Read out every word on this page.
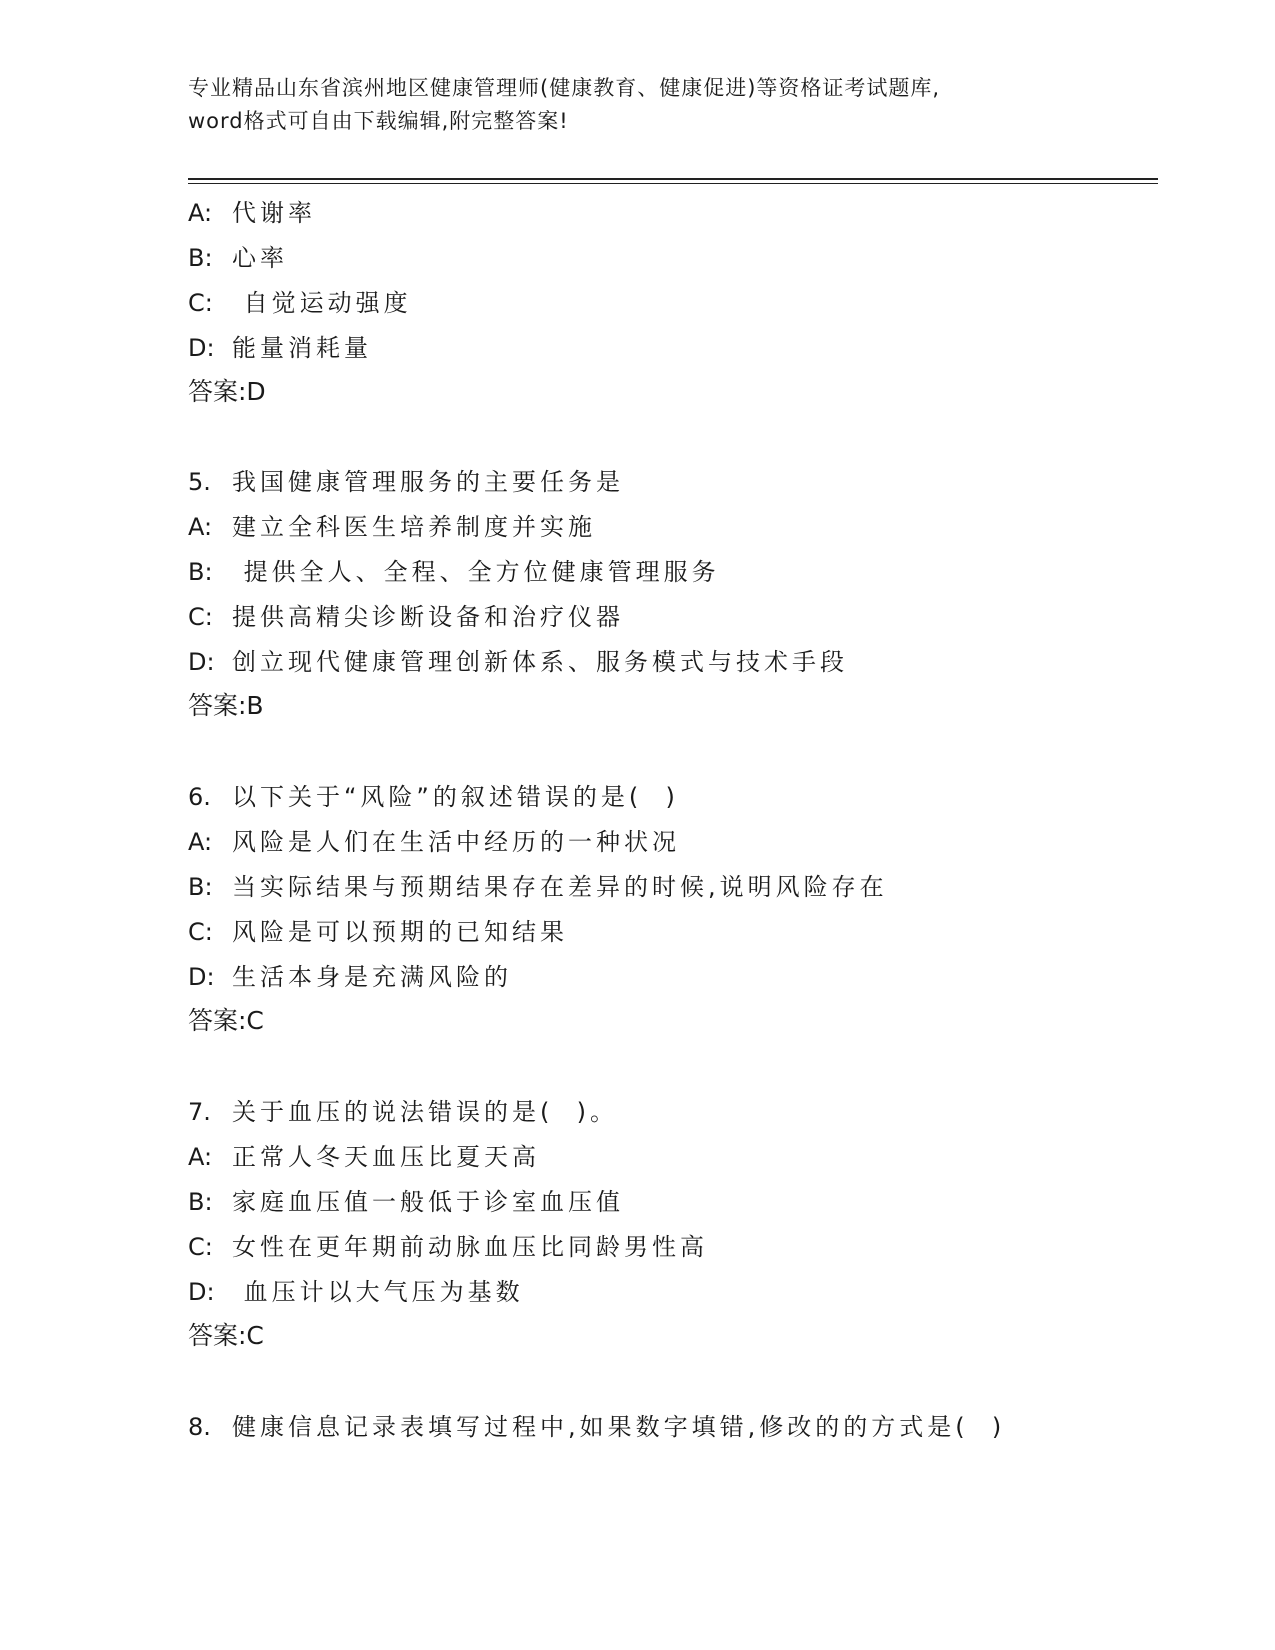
专业精品山东省滨州地区健康管理师(健康教育、健康促进)等资格证考试题库,
word格式可自由下载编辑,附完整答案!
A: 代谢率
B: 心率
C: 自觉运动强度
D: 能量消耗量
答案:D
5. 我国健康管理服务的主要任务是
A: 建立全科医生培养制度并实施
B: 提供全人、全程、全方位健康管理服务
C: 提供高精尖诊断设备和治疗仪器
D: 创立现代健康管理创新体系、服务模式与技术手段
答案:B
6. 以下关于“风险”的叙述错误的是(  )
A: 风险是人们在生活中经历的一种状况
B: 当实际结果与预期结果存在差异的时候,说明风险存在
C: 风险是可以预期的已知结果
D: 生活本身是充满风险的
答案:C
7. 关于血压的说法错误的是(  )。
A: 正常人冬天血压比夏天高
B: 家庭血压值一般低于诊室血压值
C: 女性在更年期前动脉血压比同龄男性高
D: 血压计以大气压为基数
答案:C
8. 健康信息记录表填写过程中,如果数字填错,修改的的方式是(  )
